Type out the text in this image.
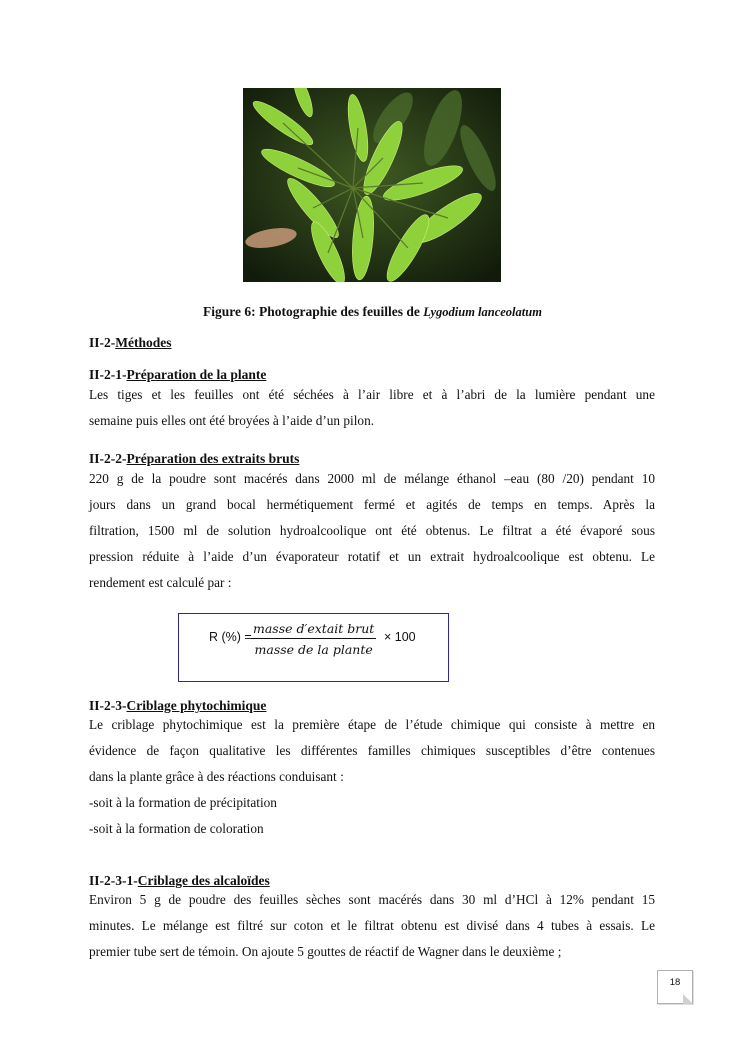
Figure 6: Photographie des feuilles de Lygodium lanceolatum
II-2-Méthodes
II-2-1-Préparation de la plante

Les tiges et les feuilles ont été séchées à l’air libre et à l’abri de la lumière pendant une

semaine puis elles ont été broyées à l’aide d’un pilon.

II-2-2-Préparation des extraits bruts

220 g de la poudre sont macérés dans 2000 ml de mélange éthanol –eau (80 /20) pendant 10

jours dans un grand bocal hermétiquement fermé et agités de temps en temps. Après la

filtration, 1500 ml de solution hydroalcoolique ont été obtenus. Le filtrat a été évaporé sous

pression réduite à l’aide d’un évaporateur rotatif et un extrait hydroalcoolique est obtenu. Le

rendement est calculé par :

R (%) =
masse d′extait brut
masse de la plante
× 100
II-2-3-Criblage phytochimique

Le criblage phytochimique est la première étape de l’étude chimique qui consiste à mettre en

évidence de façon qualitative les différentes familles chimiques susceptibles d’être contenues

dans la plante grâce à des réactions conduisant :

-soit à la formation de précipitation

-soit à la formation de coloration

II-2-3-1-Criblage des alcaloïdes

Environ 5 g de poudre des feuilles sèches sont macérés dans 30 ml d’HCl à 12% pendant 15

minutes. Le mélange est filtré sur coton et le filtrat obtenu est divisé dans 4 tubes à essais. Le

premier tube sert de témoin. On ajoute 5 gouttes de réactif de Wagner dans le deuxième ;

18
